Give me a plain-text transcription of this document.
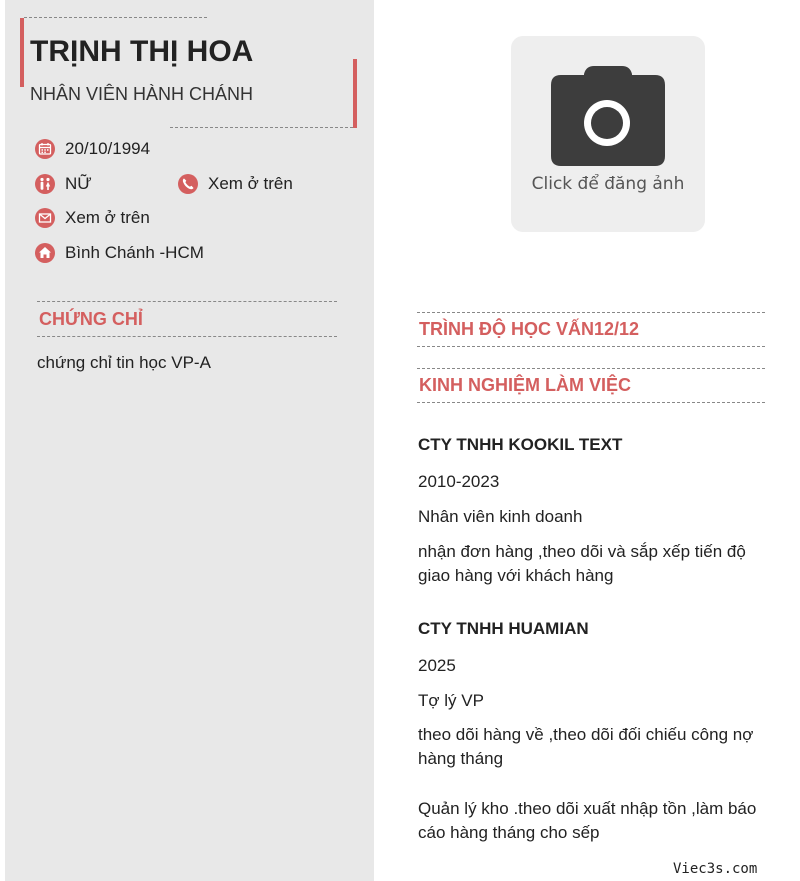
TRỊNH THỊ HOA
NHÂN VIÊN HÀNH CHÁNH
20/10/1994
NỮ	Xem ở trên
Xem ở trên
Bình Chánh -HCM
CHỨNG CHỈ
chứng chỉ tin học VP-A
Click để đăng ảnh
TRÌNH ĐỘ HỌC VẤN12/12
KINH NGHIỆM LÀM VIỆC
CTY TNHH KOOKIL TEXT
2010-2023
Nhân viên kinh doanh
nhận đơn hàng ,theo dõi và sắp xếp tiến độ giao hàng với khách hàng
CTY TNHH HUAMIAN
2025
Tợ lý VP
theo dõi hàng về ,theo dõi đối chiếu công nợ hàng tháng
Quản lý kho .theo dõi xuất nhập tồn ,làm báo cáo hàng tháng cho sếp
Viec3s.com
